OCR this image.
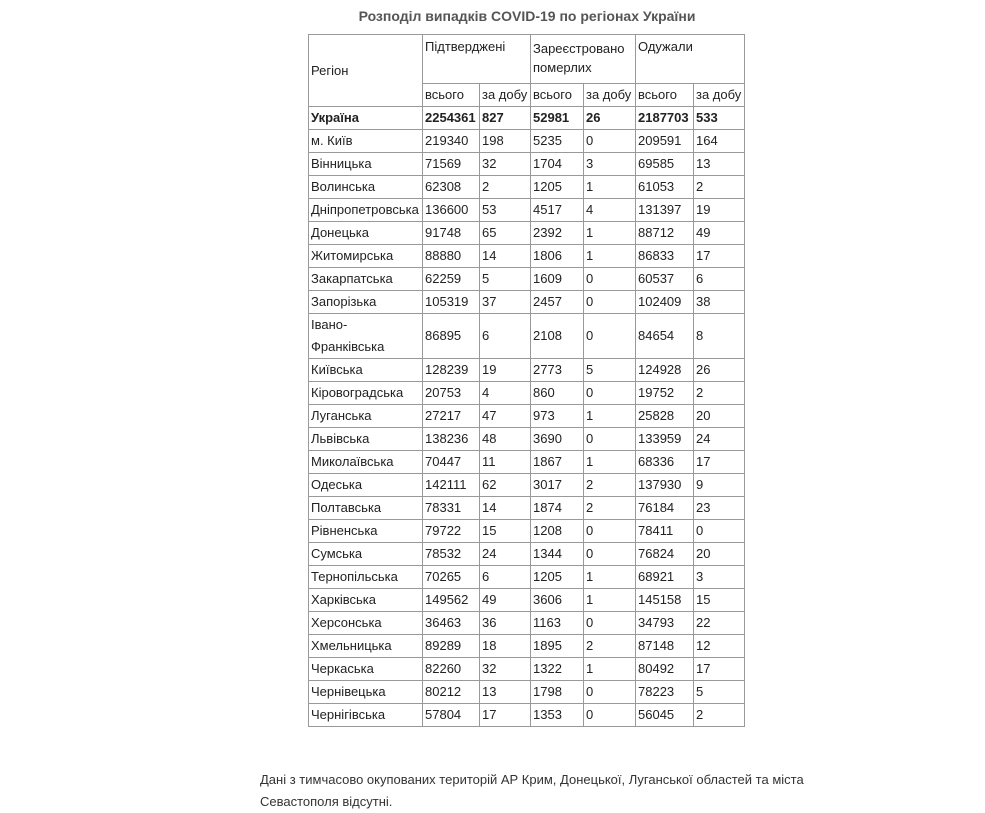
Розподіл випадків COVID-19 по регіонах України
Регіон	Підтверджені		Зареєстровано померлих		Одужали	
	всього	за добу	всього	за добу	всього	за добу
Україна	2254361	827	52981	26	2187703	533
м. Київ	219340	198	5235	0	209591	164
Вінницька	71569	32	1704	3	69585	13
Волинська	62308	2	1205	1	61053	2
Дніпропетровська	136600	53	4517	4	131397	19
Донецька	91748	65	2392	1	88712	49
Житомирська	88880	14	1806	1	86833	17
Закарпатська	62259	5	1609	0	60537	6
Запорізька	105319	37	2457	0	102409	38
Івано-Франківська	86895	6	2108	0	84654	8
Київська	128239	19	2773	5	124928	26
Кіровоградська	20753	4	860	0	19752	2
Луганська	27217	47	973	1	25828	20
Львівська	138236	48	3690	0	133959	24
Миколаївська	70447	11	1867	1	68336	17
Одеська	142111	62	3017	2	137930	9
Полтавська	78331	14	1874	2	76184	23
Рівненська	79722	15	1208	0	78411	0
Сумська	78532	24	1344	0	76824	20
Тернопільська	70265	6	1205	1	68921	3
Харківська	149562	49	3606	1	145158	15
Херсонська	36463	36	1163	0	34793	22
Хмельницька	89289	18	1895	2	87148	12
Черкаська	82260	32	1322	1	80492	17
Чернівецька	80212	13	1798	0	78223	5
Чернігівська	57804	17	1353	0	56045	2
Дані з тимчасово окупованих територій АР Крим, Донецької, Луганської областей та міста Севастополя відсутні.
